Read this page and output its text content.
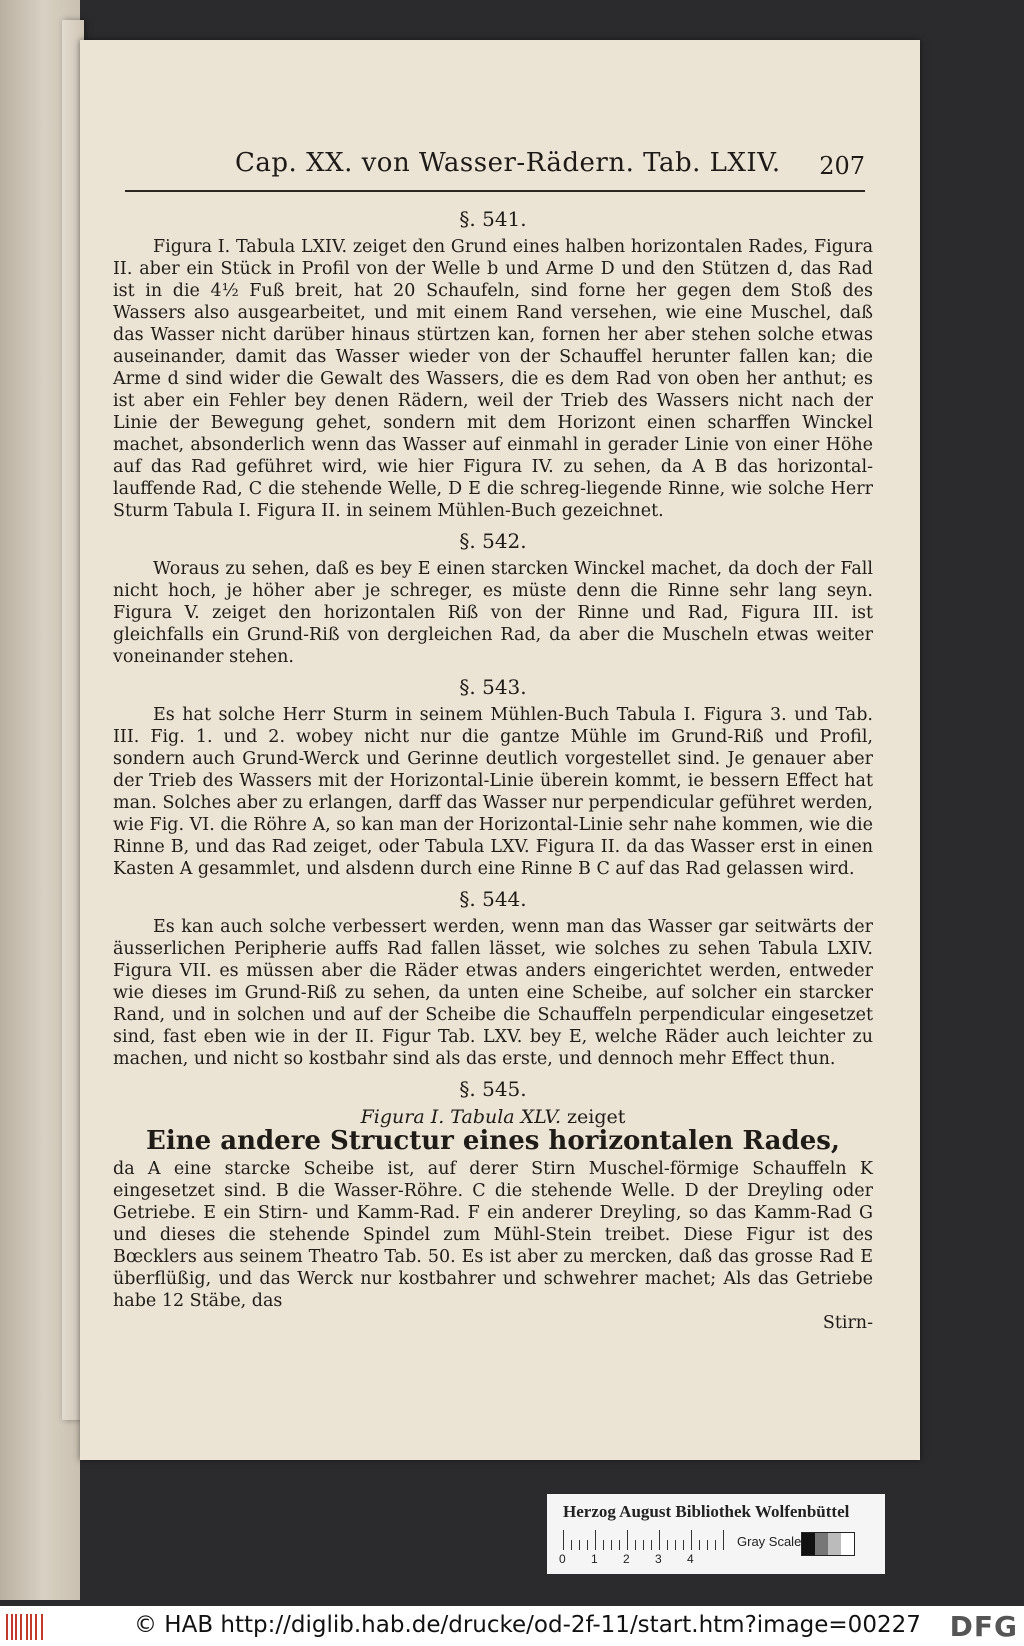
Cap. XX. von Wasser-Rädern. Tab. LXIV. 207
§. 541.

Figura I. Tabula LXIV. zeiget den Grund eines halben horizontalen Rades, Figura II. aber ein Stück in Profil von der Welle b und Arme D und den Stützen d, das Rad ist in die 4½ Fuß breit, hat 20 Schaufeln, sind forne her gegen dem Stoß des Wassers also ausgearbeitet, und mit einem Rand versehen, wie eine Muschel, daß das Wasser nicht darüber hinaus stürtzen kan, fornen her aber stehen solche etwas auseinander, damit das Wasser wieder von der Schauffel herunter fallen kan; die Arme d sind wider die Gewalt des Wassers, die es dem Rad von oben her anthut; es ist aber ein Fehler bey denen Rädern, weil der Trieb des Wassers nicht nach der Linie der Bewegung gehet, sondern mit dem Horizont einen scharffen Winckel machet, absonderlich wenn das Wasser auf einmahl in gerader Linie von einer Höhe auf das Rad geführet wird, wie hier Figura IV. zu sehen, da A B das horizontal-lauffende Rad, C die stehende Welle, D E die schreg-liegende Rinne, wie solche Herr Sturm Tabula I. Figura II. in seinem Mühlen-Buch gezeichnet.

§. 542.

Woraus zu sehen, daß es bey E einen starcken Winckel machet, da doch der Fall nicht hoch, je höher aber je schreger, es müste denn die Rinne sehr lang seyn. Figura V. zeiget den horizontalen Riß von der Rinne und Rad, Figura III. ist gleichfalls ein Grund-Riß von dergleichen Rad, da aber die Muscheln etwas weiter voneinander stehen.

§. 543.

Es hat solche Herr Sturm in seinem Mühlen-Buch Tabula I. Figura 3. und Tab. III. Fig. 1. und 2. wobey nicht nur die gantze Mühle im Grund-Riß und Profil, sondern auch Grund-Werck und Gerinne deutlich vorgestellet sind. Je genauer aber der Trieb des Wassers mit der Horizontal-Linie überein kommt, ie bessern Effect hat man. Solches aber zu erlangen, darff das Wasser nur perpendicular geführet werden, wie Fig. VI. die Röhre A, so kan man der Horizontal-Linie sehr nahe kommen, wie die Rinne B, und das Rad zeiget, oder Tabula LXV. Figura II. da das Wasser erst in einen Kasten A gesammlet, und alsdenn durch eine Rinne B C auf das Rad gelassen wird.

§. 544.

Es kan auch solche verbessert werden, wenn man das Wasser gar seitwärts der äusserlichen Peripherie auffs Rad fallen lässet, wie solches zu sehen Tabula LXIV. Figura VII. es müssen aber die Räder etwas anders eingerichtet werden, entweder wie dieses im Grund-Riß zu sehen, da unten eine Scheibe, auf solcher ein starcker Rand, und in solchen und auf der Scheibe die Schauffeln perpendicular eingesetzet sind, fast eben wie in der II. Figur Tab. LXV. bey E, welche Räder auch leichter zu machen, und nicht so kostbahr sind als das erste, und dennoch mehr Effect thun.

§. 545.
Figura I. Tabula XLV. zeiget
Eine andere Structur eines horizontalen Rades,

da A eine starcke Scheibe ist, auf derer Stirn Muschel-förmige Schauffeln K eingesetzet sind. B die Wasser-Röhre. C die stehende Welle. D der Dreyling oder Getriebe. E ein Stirn- und Kamm-Rad. F ein anderer Dreyling, so das Kamm-Rad G und dieses die stehende Spindel zum Mühl-Stein treibet. Diese Figur ist des Bœcklers aus seinem Theatro Tab. 50. Es ist aber zu mercken, daß das grosse Rad E überflüßig, und das Werck nur kostbahrer und schwehrer machet; Als das Getriebe habe 12 Stäbe, das

Stirn-

Herzog August Bibliothek Wolfenbüttel
0 1 2 3 4
Gray Scale
© HAB http://diglib.hab.de/drucke/od-2f-11/start.htm?image=00227 DFG
